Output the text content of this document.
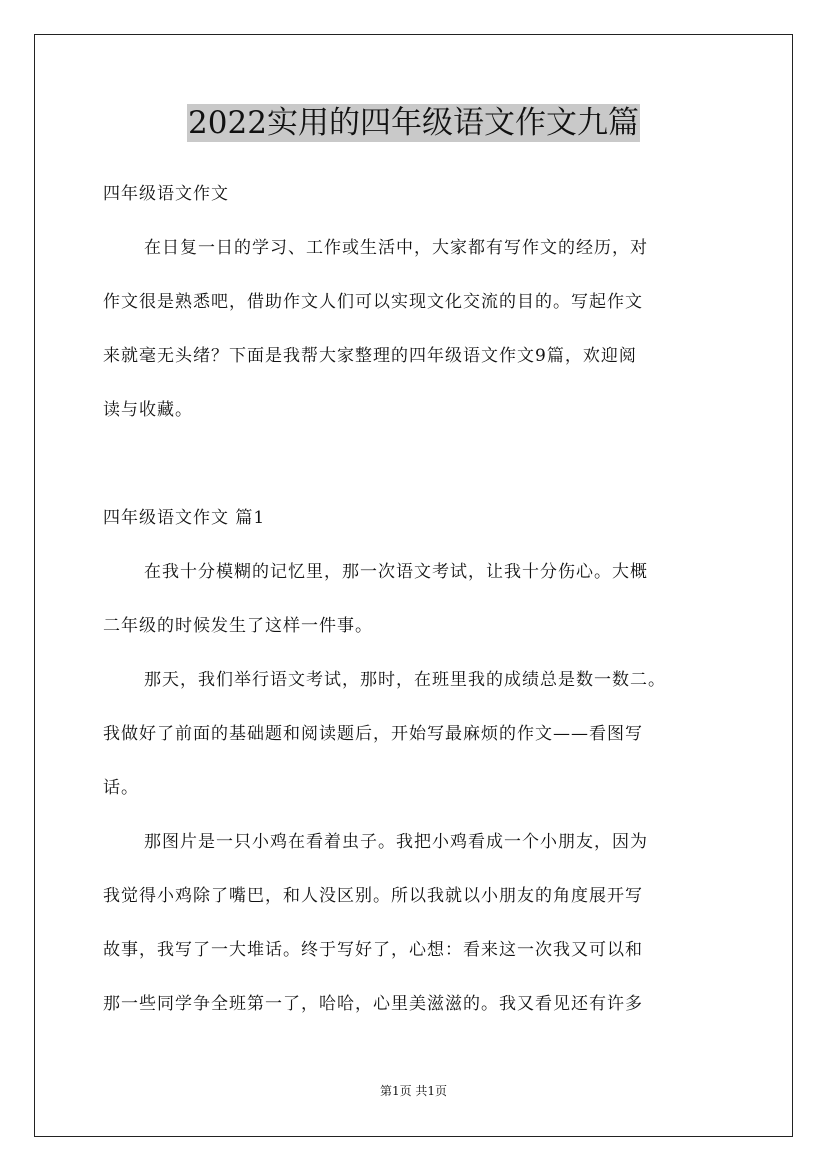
2022实用的四年级语文作文九篇
四年级语文作文
在日复一日的学习、工作或生活中，大家都有写作文的经历，对
作文很是熟悉吧，借助作文人们可以实现文化交流的目的。写起作文
来就毫无头绪？下面是我帮大家整理的四年级语文作文9篇，欢迎阅
读与收藏。
四年级语文作文 篇1
在我十分模糊的记忆里，那一次语文考试，让我十分伤心。大概
二年级的时候发生了这样一件事。
那天，我们举行语文考试，那时，在班里我的成绩总是数一数二。
我做好了前面的基础题和阅读题后，开始写最麻烦的作文——看图写
话。
那图片是一只小鸡在看着虫子。我把小鸡看成一个小朋友，因为
我觉得小鸡除了嘴巴，和人没区别。所以我就以小朋友的角度展开写
故事，我写了一大堆话。终于写好了，心想：看来这一次我又可以和
那一些同学争全班第一了，哈哈，心里美滋滋的。我又看见还有许多
第1页 共1页
